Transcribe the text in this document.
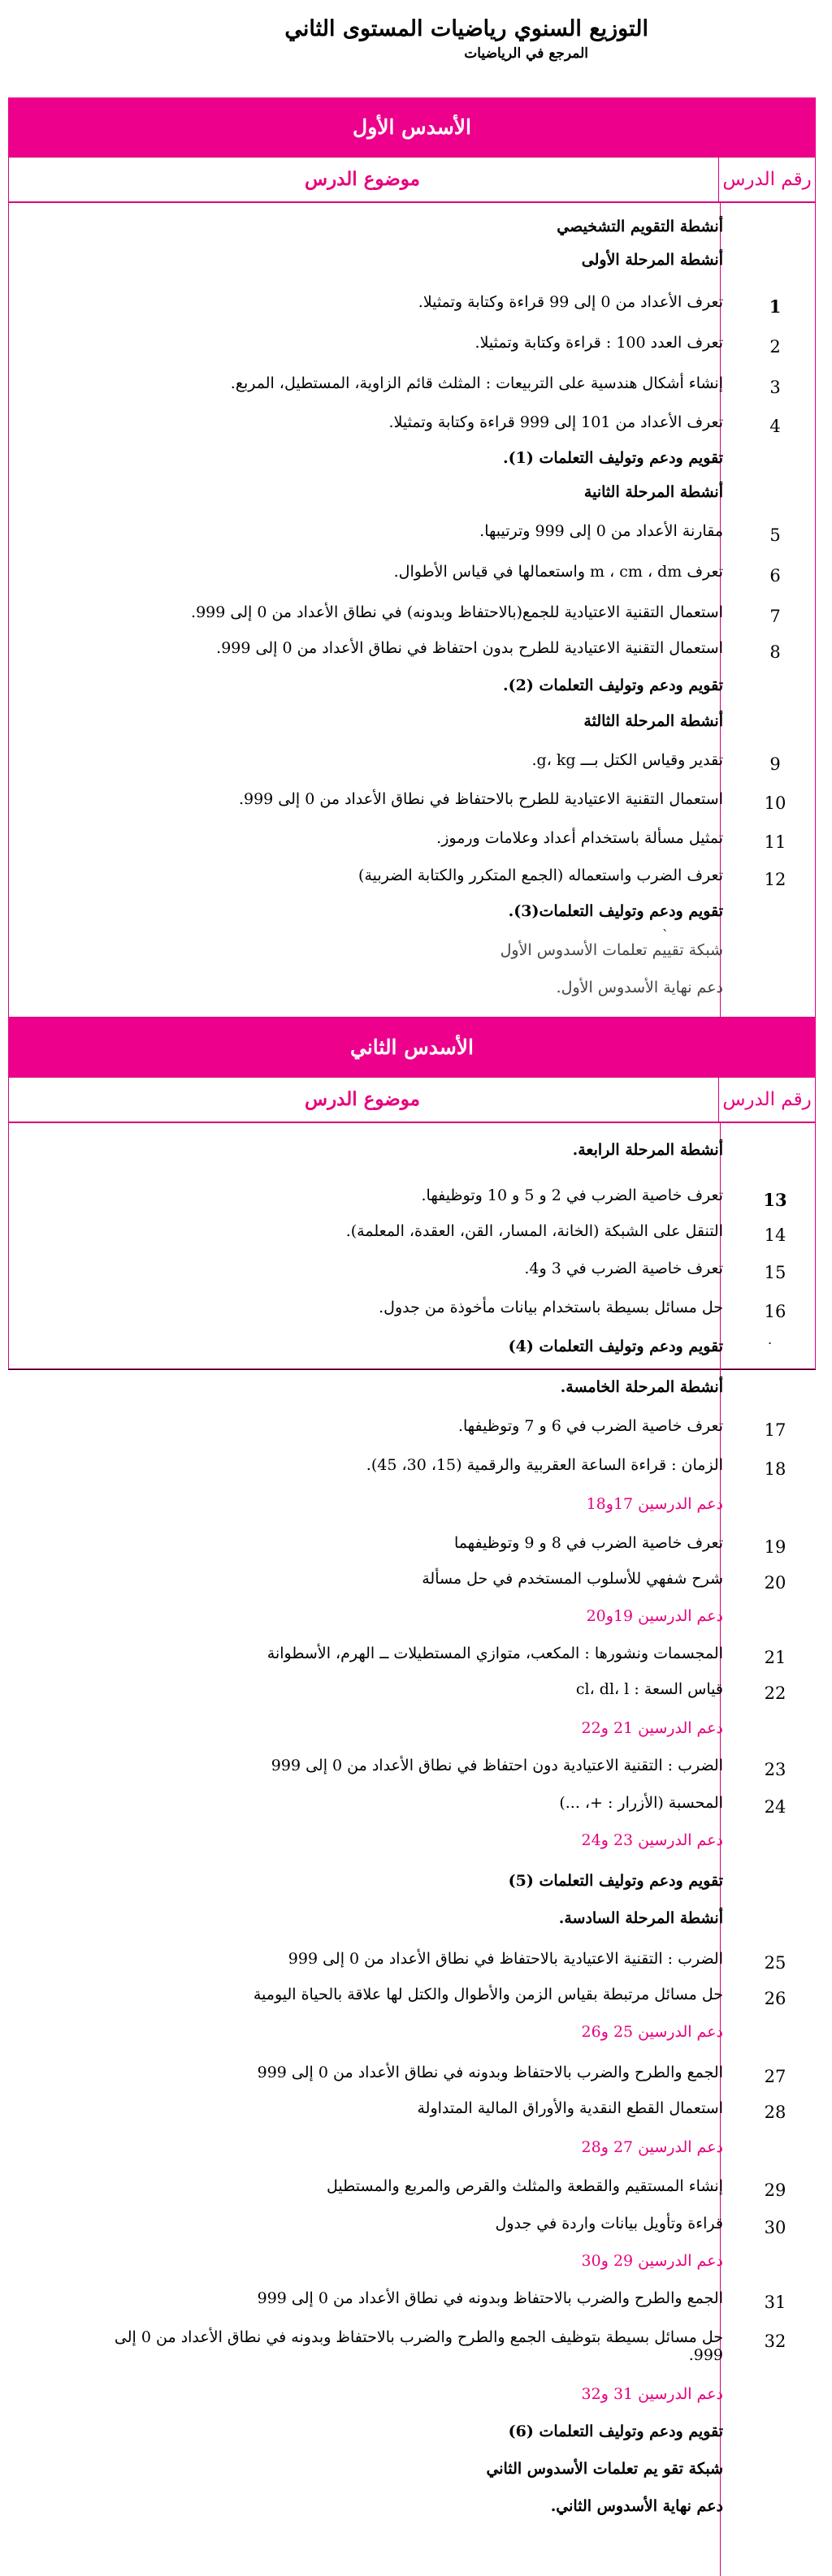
التوزيع السنوي رياضيات المستوى الثاني
المرجع في الرياضيات
الأسدس الأول
موضوع الدرس	رقم الدرس
أنشطة التقويم التشخيصي
أنشطة المرحلة الأولى
تعرف الأعداد من 0 إلى 99 قراءة وكتابة وتمثيلا.	1
تعرف العدد 100 : قراءة وكتابة وتمثيلا.	2
إنشاء أشكال هندسية على التربيعات : المثلث قائم الزاوية، المستطيل، المربع.	3
تعرف الأعداد من 101 إلى 999 قراءة وكتابة وتمثيلا.	4
تقويم ودعم وتوليف التعلمات (1).
أنشطة المرحلة الثانية
مقارنة الأعداد من 0 إلى 999 وترتيبها.	5
تعرف m ، cm ، dm واستعمالها في قياس الأطوال.	6
استعمال التقنية الاعتيادية للجمع(بالاحتفاظ وبدونه) في نطاق الأعداد من 0 إلى 999.	7
استعمال التقنية الاعتيادية للطرح بدون احتفاظ في نطاق الأعداد من 0 إلى 999.	8
تقويم ودعم وتوليف التعلمات (2).
أنشطة المرحلة الثالثة
تقدير وقياس الكتل بـــ g، kg.	9
استعمال التقنية الاعتيادية للطرح بالاحتفاظ في نطاق الأعداد من 0 إلى 999.	10
تمثيل مسألة باستخدام أعداد وعلامات ورموز.	11
تعرف الضرب واستعماله (الجمع المتكرر والكتابة الضربية)	12
تقويم ودعم وتوليف التعلمات(3).
شبكة تقييم تعلمات الأسدوس الأول
دعم نهاية الأسدوس الأول.
الأسدس الثاني
موضوع الدرس	رقم الدرس
أنشطة المرحلة الرابعة.
تعرف خاصية الضرب في 2 و 5 و 10 وتوظيفها. 13
التنقل على الشبكة (الخانة، المسار، القن، العقدة، المعلمة).	14
تعرف خاصية الضرب في 3 و4.	15
حل مسائل بسيطة باستخدام بيانات مأخوذة من جدول.	16
تقويم ودعم وتوليف التعلمات (4)
أنشطة المرحلة الخامسة.
تعرف خاصية الضرب في 6 و 7 وتوظيفها.	17
الزمان : قراءة الساعة العقربية والرقمية (15، 30، 45).	18
دعم الدرسين 17و18
تعرف خاصية الضرب في 8 و 9 وتوظيفهما	19
شرح شفهي للأسلوب المستخدم في حل مسألة	20
دعم الدرسين 19و20
المجسمات ونشورها : المكعب، متوازي المستطيلات ــ الهرم، الأسطوانة	21
قياس السعة : cl، dl، l	22
دعم الدرسين 21 و22
الضرب : التقنية الاعتيادية دون احتفاظ في نطاق الأعداد من 0 إلى 999	23
المحسبة (الأزرار : +، ...)	24
دعم الدرسين 23 و24
تقويم ودعم وتوليف التعلمات (5)
أنشطة المرحلة السادسة.
الضرب : التقنية الاعتيادية بالاحتفاظ في نطاق الأعداد من 0 إلى 999	25
حل مسائل مرتبطة بقياس الزمن والأطوال والكتل لها علاقة بالحياة اليومية	26
دعم الدرسين 25 و26
الجمع والطرح والضرب بالاحتفاظ وبدونه في نطاق الأعداد من 0 إلى 999	27
استعمال القطع النقدية والأوراق المالية المتداولة	28
دعم الدرسين 27 و28
إنشاء المستقيم والقطعة والمثلث والقرص والمربع والمستطيل	29
قراءة وتأويل بيانات واردة في جدول	30
دعم الدرسين 29 و30
الجمع والطرح والضرب بالاحتفاظ وبدونه في نطاق الأعداد من 0 إلى 999	31
حل مسائل بسيطة بتوظيف الجمع والطرح والضرب بالاحتفاظ وبدونه في نطاق الأعداد من 0 إلى	32
999.
دعم الدرسين 31 و32
تقويم ودعم وتوليف التعلمات (6)
شبكة تقو يم تعلمات الأسدوس الثاني
دعم نهاية الأسدوس الثاني.
`
.
